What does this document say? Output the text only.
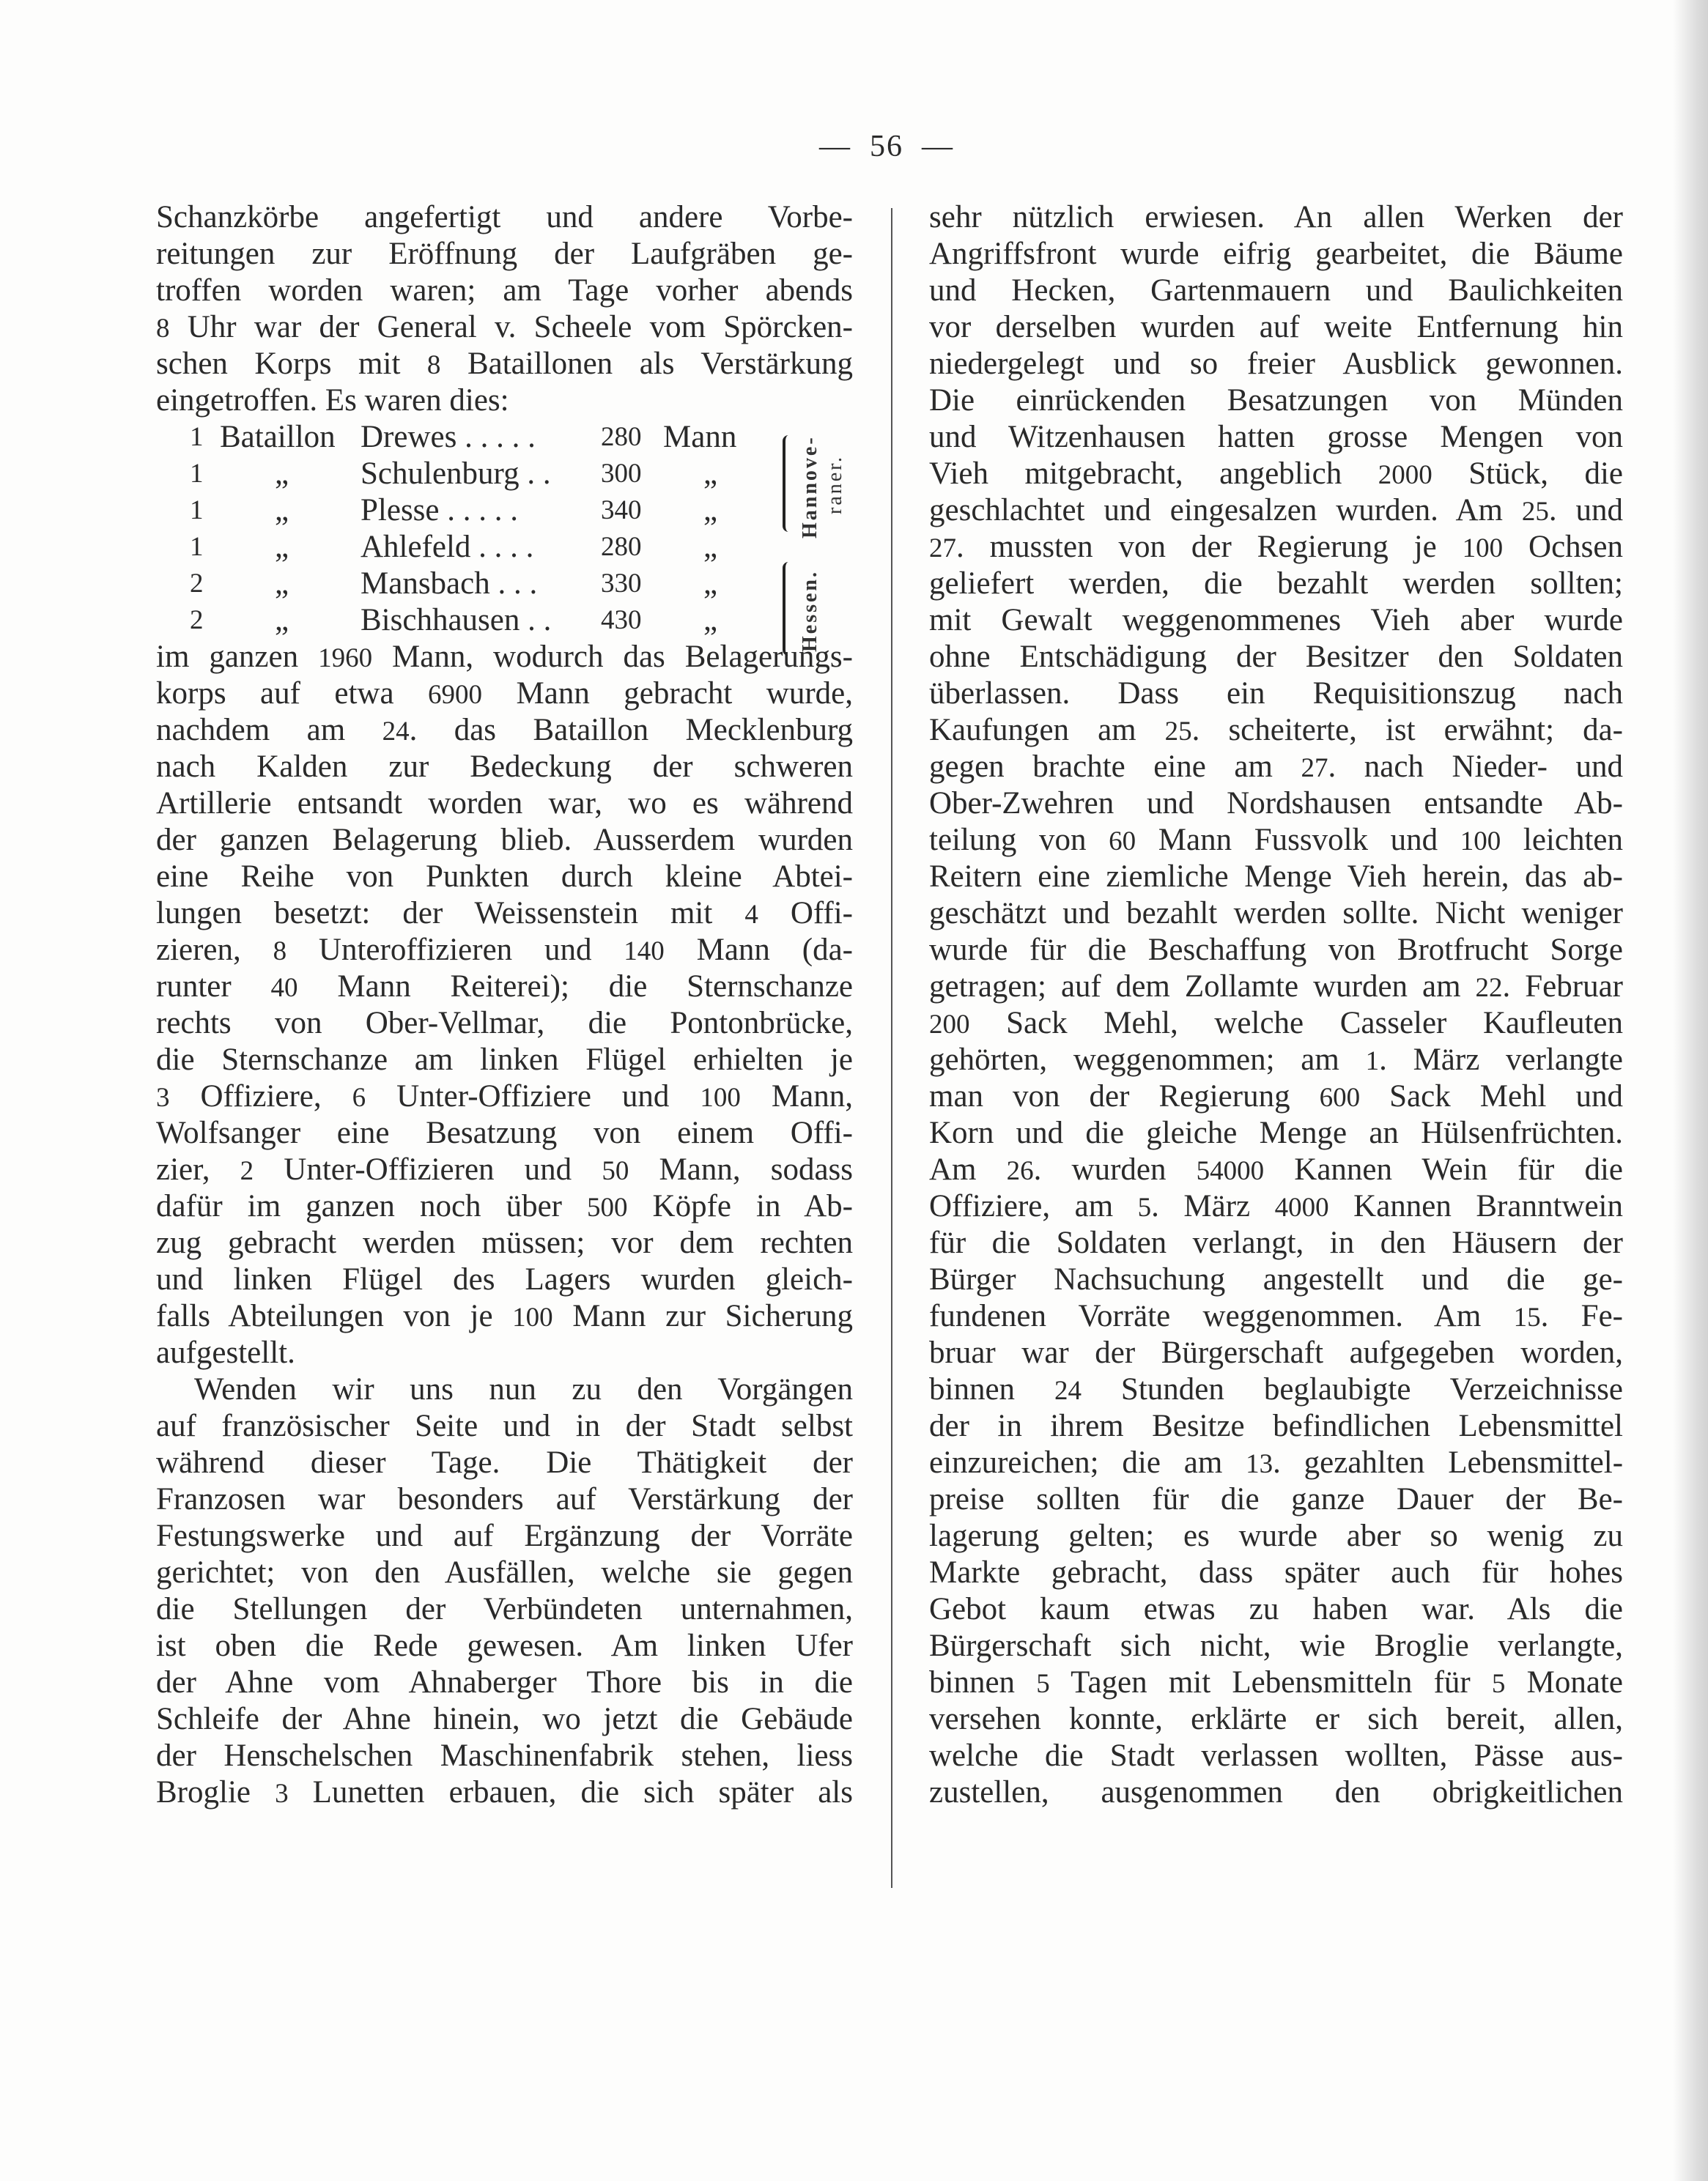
—  56  —
Schanzkörbe angefertigt und andere Vorbe-
reitungen zur Eröffnung der Laufgräben ge-
troffen worden waren; am Tage vorher abends
8 Uhr war der General v. Scheele vom Spörcken-
schen Korps mit 8 Bataillonen als Verstärkung
eingetroffen. Es waren dies:
1 Bataillon Drewes . . . . . 280 Mann
1 „ Schulenburg . . 300 „
1 „ Plesse . . . . .	340 „
1 „ Ahlefeld . . . . 280 „
2 „ Mansbach . . . 330 „
2 „ Bischhausen . . 430 „
Hannove- raner.
Hessen.
im ganzen 1960 Mann, wodurch das Belagerungs-
korps auf etwa 6900 Mann gebracht wurde,
nachdem am 24. das Bataillon Mecklenburg
nach Kalden zur Bedeckung der schweren
Artillerie entsandt worden war, wo es während
der ganzen Belagerung blieb. Ausserdem wurden
eine Reihe von Punkten durch kleine Abtei-
lungen besetzt: der Weissenstein mit 4 Offi-
zieren, 8 Unteroffizieren und 140 Mann (da-
runter 40 Mann Reiterei); die Sternschanze
rechts von Ober-Vellmar, die Pontonbrücke,
die Sternschanze am linken Flügel erhielten je
3 Offiziere, 6 Unter-Offiziere und 100 Mann,
Wolfsanger eine Besatzung von einem Offi-
zier, 2 Unter-Offizieren und 50 Mann, sodass
dafür im ganzen noch über 500 Köpfe in Ab-
zug gebracht werden müssen; vor dem rechten
und linken Flügel des Lagers wurden gleich-
falls Abteilungen von je 100 Mann zur Sicherung
aufgestellt.
Wenden wir uns nun zu den Vorgängen
auf französischer Seite und in der Stadt selbst
während dieser Tage. Die Thätigkeit der
Franzosen war besonders auf Verstärkung der
Festungswerke und auf Ergänzung der Vorräte
gerichtet; von den Ausfällen, welche sie gegen
die Stellungen der Verbündeten unternahmen,
ist oben die Rede gewesen. Am linken Ufer
der Ahne vom Ahnaberger Thore bis in die
Schleife der Ahne hinein, wo jetzt die Gebäude
der Henschelschen Maschinenfabrik stehen, liess
Broglie 3 Lunetten erbauen, die sich später als
sehr nützlich erwiesen. An allen Werken der
Angriffsfront wurde eifrig gearbeitet, die Bäume
und Hecken, Gartenmauern und Baulichkeiten
vor derselben wurden auf weite Entfernung hin
niedergelegt und so freier Ausblick gewonnen.
Die einrückenden Besatzungen von Münden
und Witzenhausen hatten grosse Mengen von
Vieh mitgebracht, angeblich 2000 Stück, die
geschlachtet und eingesalzen wurden. Am 25. und
27. mussten von der Regierung je 100 Ochsen
geliefert werden, die bezahlt werden sollten;
mit Gewalt weggenommenes Vieh aber wurde
ohne Entschädigung der Besitzer den Soldaten
überlassen. Dass ein Requisitionszug nach
Kaufungen am 25. scheiterte, ist erwähnt; da-
gegen brachte eine am 27. nach Nieder- und
Ober-Zwehren und Nordshausen entsandte Ab-
teilung von 60 Mann Fussvolk und 100 leichten
Reitern eine ziemliche Menge Vieh herein, das ab-
geschätzt und bezahlt werden sollte. Nicht weniger
wurde für die Beschaffung von Brotfrucht Sorge
getragen; auf dem Zollamte wurden am 22. Februar
200 Sack Mehl, welche Casseler Kaufleuten
gehörten, weggenommen; am 1. März verlangte
man von der Regierung 600 Sack Mehl und
Korn und die gleiche Menge an Hülsenfrüchten.
Am 26. wurden 54000 Kannen Wein für die
Offiziere, am 5. März 4000 Kannen Branntwein
für die Soldaten verlangt, in den Häusern der
Bürger Nachsuchung angestellt und die ge-
fundenen Vorräte weggenommen. Am 15. Fe-
bruar war der Bürgerschaft aufgegeben worden,
binnen 24 Stunden beglaubigte Verzeichnisse
der in ihrem Besitze befindlichen Lebensmittel
einzureichen; die am 13. gezahlten Lebensmittel-
preise sollten für die ganze Dauer der Be-
lagerung gelten; es wurde aber so wenig zu
Markte gebracht, dass später auch für hohes
Gebot kaum etwas zu haben war. Als die
Bürgerschaft sich nicht, wie Broglie verlangte,
binnen 5 Tagen mit Lebensmitteln für 5 Monate
versehen konnte, erklärte er sich bereit, allen,
welche die Stadt verlassen wollten, Pässe aus-
zustellen, ausgenommen den obrigkeitlichen
